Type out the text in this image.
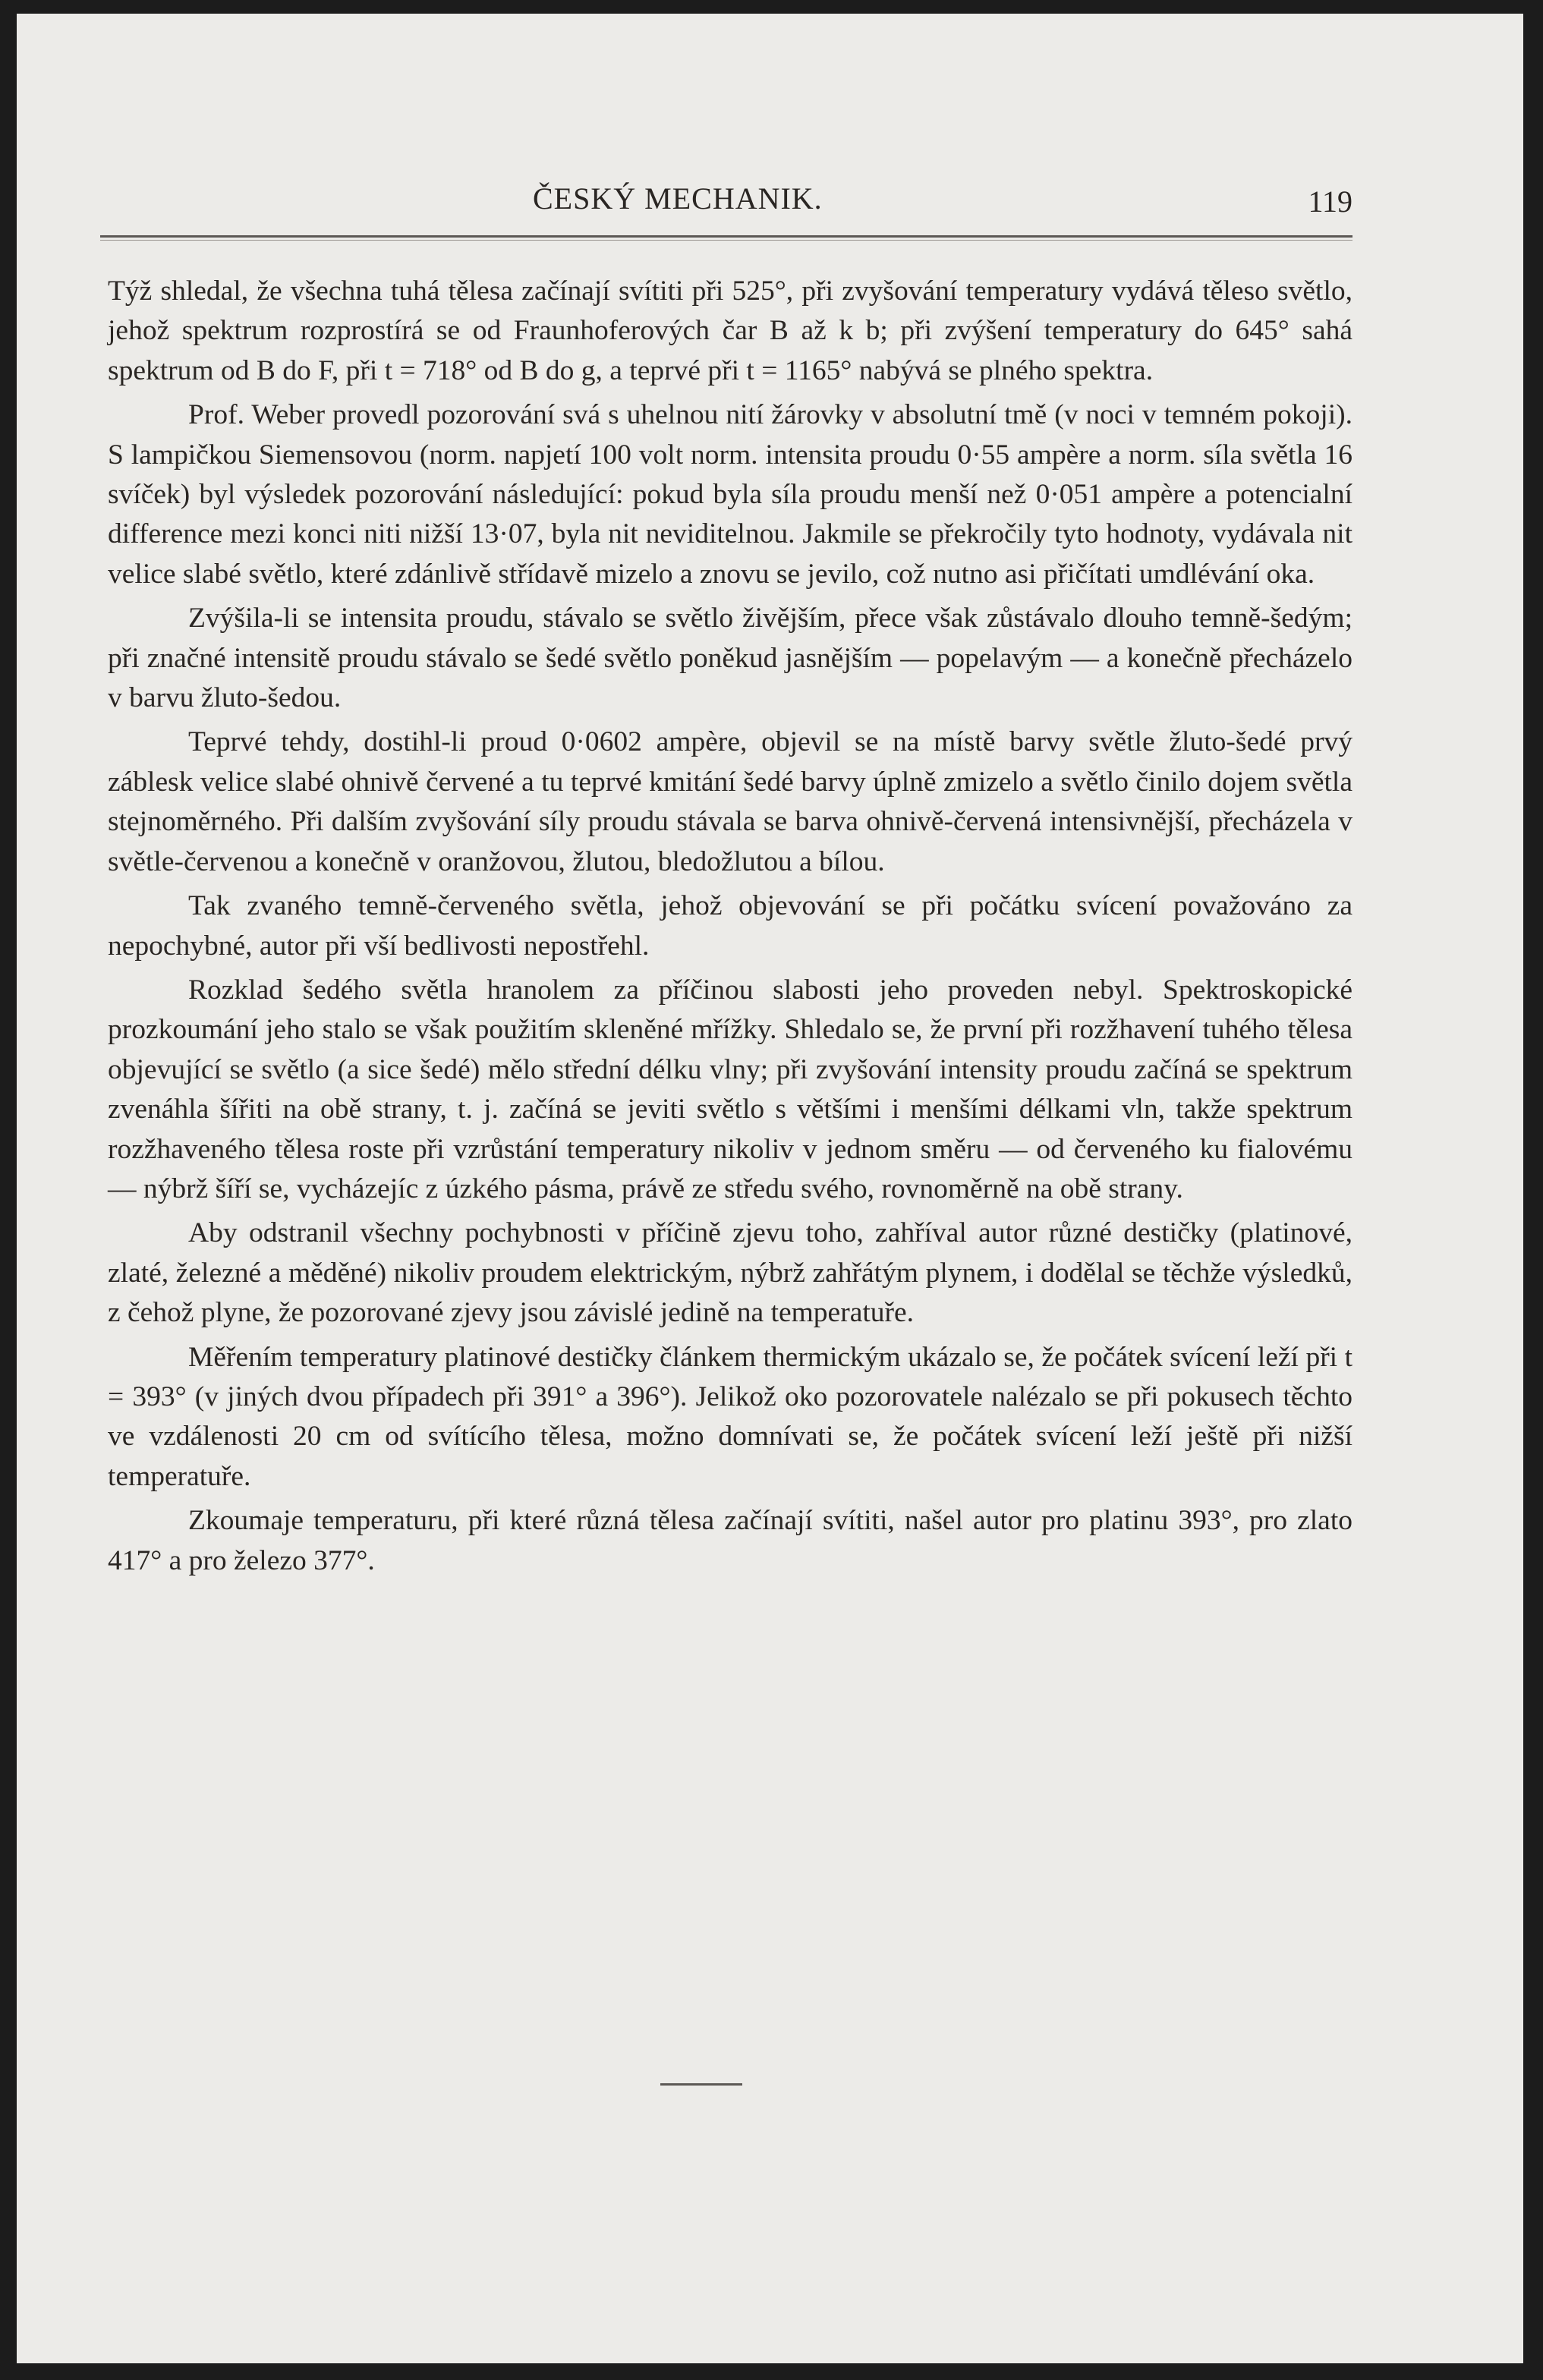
ČESKÝ MECHANIK.	119

Týž shledal, že všechna tuhá tělesa začínají svítiti při 525°, při zvyšování temperatury vydává těleso světlo, jehož spektrum rozprostírá se od Fraunhoferových čar B až k b; při zvýšení temperatury do 645° sahá spektrum od B do F, při t = 718° od B do g, a teprvé při t = 1165° nabývá se plného spektra.

Prof. Weber provedl pozorování svá s uhelnou nití žárovky v absolutní tmě (v noci v temném pokoji). S lampičkou Siemensovou (norm. napjetí 100 volt norm. intensita proudu 0·55 ampère a norm. síla světla 16 svíček) byl výsledek pozorování následující: pokud byla síla proudu menší než 0·051 ampère a potencialní difference mezi konci niti nižší 13·07, byla nit neviditelnou. Jakmile se překročily tyto hodnoty, vydávala nit velice slabé světlo, které zdánlivě střídavě mizelo a znovu se jevilo, což nutno asi přičítati umdlévání oka.

Zvýšila-li se intensita proudu, stávalo se světlo živějším, přece však zůstávalo dlouho temně-šedým; při značné intensitě proudu stávalo se šedé světlo poněkud jasnějším — popelavým — a konečně přecházelo v barvu žluto-šedou.

Teprvé tehdy, dostihl-li proud 0·0602 ampère, objevil se na místě barvy světle žluto-šedé prvý záblesk velice slabé ohnivě červené a tu teprvé kmitání šedé barvy úplně zmizelo a světlo činilo dojem světla stejnoměrného. Při dalším zvyšování síly proudu stávala se barva ohnivě-červená intensivnější, přecházela v světle-červenou a konečně v oranžovou, žlutou, bledožlutou a bílou.

Tak zvaného temně-červeného světla, jehož objevování se při počátku svícení považováno za nepochybné, autor při vší bedlivosti nepostřehl.

Rozklad šedého světla hranolem za příčinou slabosti jeho proveden nebyl. Spektroskopické prozkoumání jeho stalo se však použitím skleněné mřížky. Shledalo se, že první při rozžhavení tuhého tělesa objevující se světlo (a sice šedé) mělo střední délku vlny; při zvyšování intensity proudu začíná se spektrum zvenáhla šířiti na obě strany, t. j. začíná se jeviti světlo s většími i menšími délkami vln, takže spektrum rozžhaveného tělesa roste při vzrůstání temperatury nikoliv v jednom směru — od červeného ku fialovému — nýbrž šíří se, vycházejíc z úzkého pásma, právě ze středu svého, rovnoměrně na obě strany.

Aby odstranil všechny pochybnosti v příčině zjevu toho, zahříval autor různé destičky (platinové, zlaté, železné a měděné) nikoliv proudem elektrickým, nýbrž zahřátým plynem, i dodělal se těchže výsledků, z čehož plyne, že pozorované zjevy jsou závislé jedině na temperatuře.

Měřením temperatury platinové destičky článkem thermickým ukázalo se, že počátek svícení leží při t = 393° (v jiných dvou případech při 391° a 396°). Jelikož oko pozorovatele nalézalo se při pokusech těchto ve vzdálenosti 20 cm od svítícího tělesa, možno domnívati se, že počátek svícení leží ještě při nižší temperatuře.

Zkoumaje temperaturu, při které různá tělesa začínají svítiti, našel autor pro platinu 393°, pro zlato 417° a pro železo 377°.
